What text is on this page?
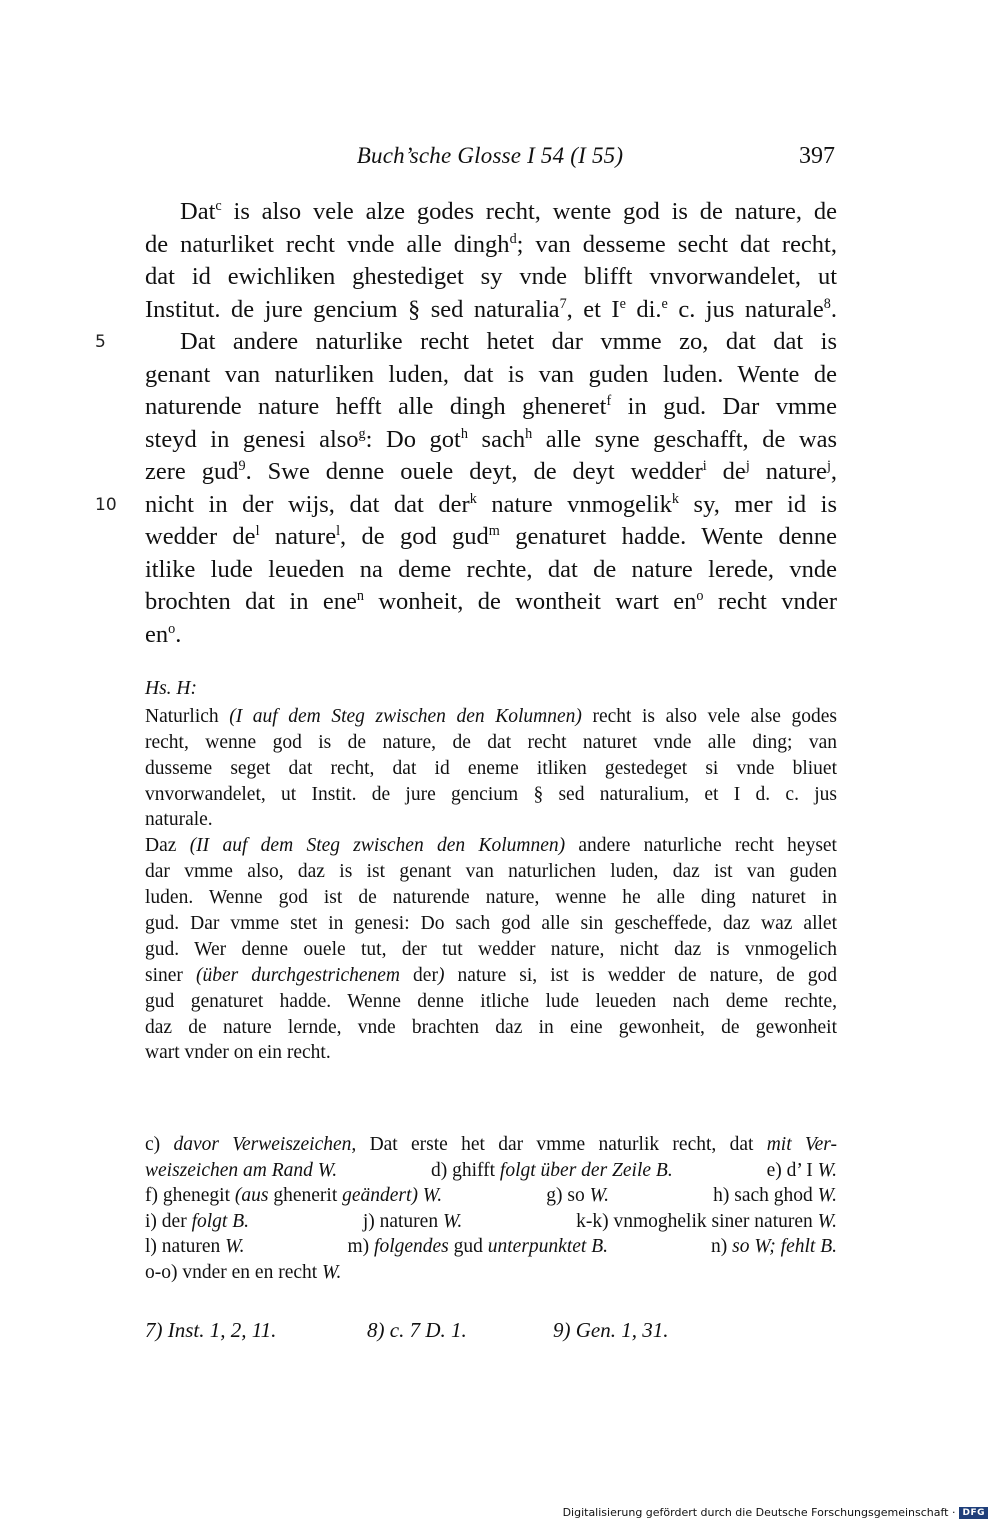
Buch’sche Glosse I 54 (I 55)	397
Dat$^c$ is also vele alze godes recht, wente god is de nature, de
de naturliket recht vnde alle dingh$^d$; van desseme secht dat recht,
dat id ewichliken ghestediget sy vnde blifft vnvorwandelet, ut
Institut. de jure gencium § sed naturalia$^7$, et Ie di.$^e$ c. jus naturale$^8$.
5	Dat andere naturlike recht hetet dar vmme zo, dat dat is
genant van naturliken luden, dat is van guden luden. Wente de
naturende nature hefft alle dingh gheneret$^f$ in gud. Dar vmme
steyd in genesi also$^g$: Do got$^h$ sach$^h$ alle syne geschafft, de was
zere gud$^9$. Swe denne ouele deyt, de deyt wedder$^i$ $de^j$ nature$^j$,
10 nicht in der wijs, dat dat der$^k$ nature vnmogelik$^k$ sy, mer id is
wedder $de^l$ nature$^l$, de god gud$^m$ genaturet hadde. Wente denne
itlike lude leueden na deme rechte, dat de nature lerede, vnde
brochten dat in ene$^n$ wonheit, de wontheit wart $en^o$ recht vnder
$en^o$.
Hs. H:
Naturlich (I auf dem Steg zwischen den Kolumnen) recht is also vele alse godes
recht, wenne god is de nature, de dat recht naturet vnde alle ding; van
dusseme seget dat recht, dat id eneme itliken gestedeget si vnde bliuet
vnvorwandelet, ut Instit. de jure gencium § sed naturalium, et I d. c. jus
naturale.
Daz (II auf dem Steg zwischen den Kolumnen) andere naturliche recht heyset
dar vmme also, daz is ist genant van naturlichen luden, daz ist van guden
luden. Wenne god ist de naturende nature, wenne he alle ding naturet in
gud. Dar vmme stet in genesi: Do sach god alle sin gescheffede, daz waz allet
gud. Wer denne ouele tut, der tut wedder nature, nicht daz is vnmogelich
siner (über durchgestrichenem der) nature si, ist is wedder de nature, de god
gud genaturet hadde. Wenne denne itliche lude leueden nach deme rechte,
daz de nature lernde, vnde brachten daz in eine gewonheit, de gewonheit
wart vnder on ein recht.
c) davor Verweiszeichen, Dat erste het dar vmme naturlik recht, dat mit Ver-
weiszeichen am Rand W.	d) ghifft folgt über der Zeile B.	e) d’ I W.
f) ghenegit (aus ghenerit geändert) W.	g) so W.	h) sach ghod W.
i) der folgt B.	j) naturen W.	k-k) vnmoghelik siner naturen W.
l) naturen W.	m) folgendes gud unterpunktet B.	n) so W; fehlt B.
o-o) vnder en en recht W.
7) Inst. 1, 2, 11.	8) c. 7 D. 1.	9) Gen. 1, 31.
Digitalisierung gefördert durch die Deutsche Forschungsgemeinschaft · DFG
